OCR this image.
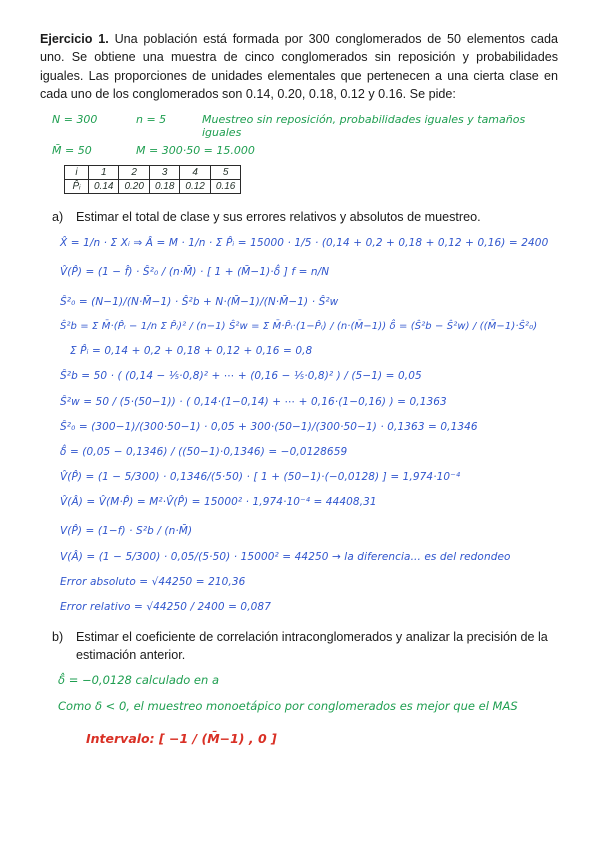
Ejercicio 1. Una población está formada por 300 conglomerados de 50 elementos cada uno. Se obtiene una muestra de cinco conglomerados sin reposición y probabilidades iguales. Las proporciones de unidades elementales que pertenecen a una cierta clase en cada uno de los conglomerados son 0.14, 0.20, 0.18, 0.12 y 0.16. Se pide:

N = 300	n = 5	Muestreo sin reposición, probabilidades iguales y tamaños iguales
M̄ = 50	M = 300·50 = 15.000
i	1	2	3	4	5
P̂ᵢ	0.14	0.20	0.18	0.12	0.16

a)	Estimar el total de clase y sus errores relativos y absolutos de muestreo.

X̂ = 1/n · Σ Xᵢ ⇒ Â = M · 1/n · Σ P̂ᵢ = 15000 · 1/5 · (0,14 + 0,2 + 0,18 + 0,12 + 0,16) = 2400
V̂(P̂) = (1 − f̂) · Ŝ²₀ / (n·M̄) · [ 1 + (M̄−1)·δ̂ ] f = n/N
Ŝ²₀ = (N−1)/(N·M̄−1) · Ŝ²b + N·(M̄−1)/(N·M̄−1) · Ŝ²w
Ŝ²b = Σ M̄·(P̂ᵢ − 1/n Σ P̂ᵢ)² / (n−1) Ŝ²w = Σ M̄·P̂ᵢ·(1−P̂ᵢ) / (n·(M̄−1)) δ̂ = (Ŝ²b − Ŝ²w) / ((M̄−1)·Ŝ²₀)
Σ P̂ᵢ = 0,14 + 0,2 + 0,18 + 0,12 + 0,16 = 0,8
Ŝ²b = 50 · ( (0,14 − ⅕·0,8)² + ⋯ + (0,16 − ⅕·0,8)² ) / (5−1) = 0,05
Ŝ²w = 50 / (5·(50−1)) · ( 0,14·(1−0,14) + ⋯ + 0,16·(1−0,16) ) = 0,1363
Ŝ²₀ = (300−1)/(300·50−1) · 0,05 + 300·(50−1)/(300·50−1) · 0,1363 = 0,1346
δ̂ = (0,05 − 0,1346) / ((50−1)·0,1346) = −0,0128659
V̂(P̂) = (1 − 5/300) · 0,1346/(5·50) · [ 1 + (50−1)·(−0,0128) ] = 1,974·10⁻⁴
V̂(Â) = V̂(M·P̂) = M²·V̂(P̂) = 15000² · 1,974·10⁻⁴ = 44408,31
V(P̂) = (1−f) · S²b / (n·M̄)
V(Â) = (1 − 5/300) · 0,05/(5·50) · 15000² = 44250 → la diferencia... es del redondeo
Error absoluto = √44250 = 210,36
Error relativo = √44250 / 2400 = 0,087

b)	Estimar el coeficiente de correlación intraconglomerados y analizar la precisión de la estimación anterior.

δ̂ = −0,0128 calculado en a
Como δ < 0, el muestreo monoetápico por conglomerados es mejor que el MAS
Intervalo: [ −1 / (M̄−1) , 0 ]
